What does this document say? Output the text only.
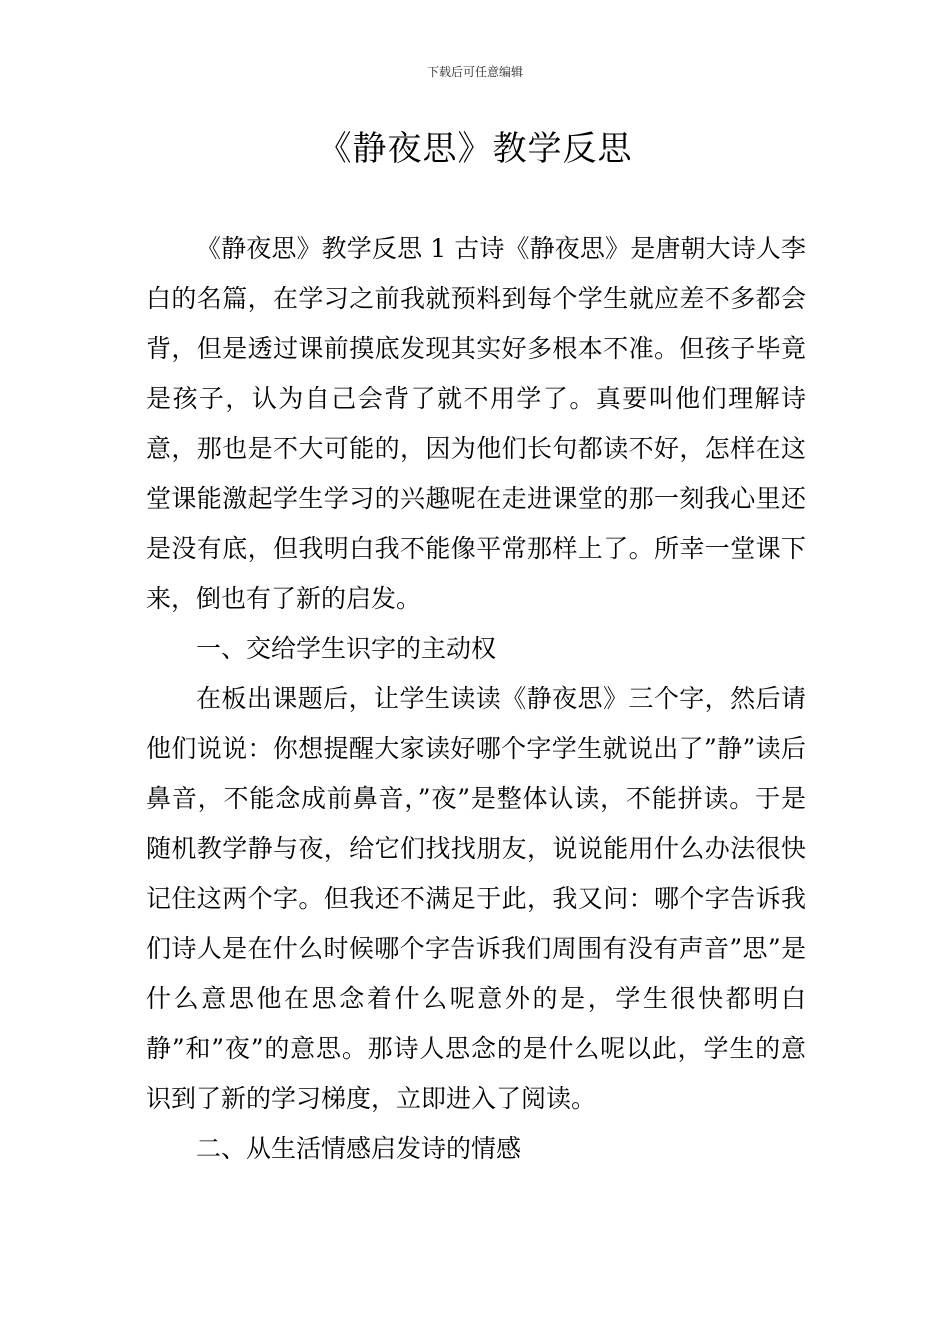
下载后可任意编辑
《静夜思》教学反思

《静夜思》教学反思 1 古诗《静夜思》是唐朝大诗人李白的名篇，在学习之前我就预料到每个学生就应差不多都会背，但是透过课前摸底发现其实好多根本不准。但孩子毕竟是孩子，认为自己会背了就不用学了。真要叫他们理解诗意，那也是不大可能的，因为他们长句都读不好，怎样在这堂课能激起学生学习的兴趣呢在走进课堂的那一刻我心里还是没有底，但我明白我不能像平常那样上了。所幸一堂课下来，倒也有了新的启发。

一、交给学生识字的主动权

在板出课题后，让学生读读《静夜思》三个字，然后请他们说说：你想提醒大家读好哪个字学生就说出了”静”读后鼻音，不能念成前鼻音，”夜”是整体认读，不能拼读。于是随机教学静与夜，给它们找找朋友，说说能用什么办法很快记住这两个字。但我还不满足于此，我又问：哪个字告诉我们诗人是在什么时候哪个字告诉我们周围有没有声音”思”是什么意思他在思念着什么呢意外的是，学生很快都明白静”和”夜”的意思。那诗人思念的是什么呢以此，学生的意识到了新的学习梯度，立即进入了阅读。

二、从生活情感启发诗的情感
